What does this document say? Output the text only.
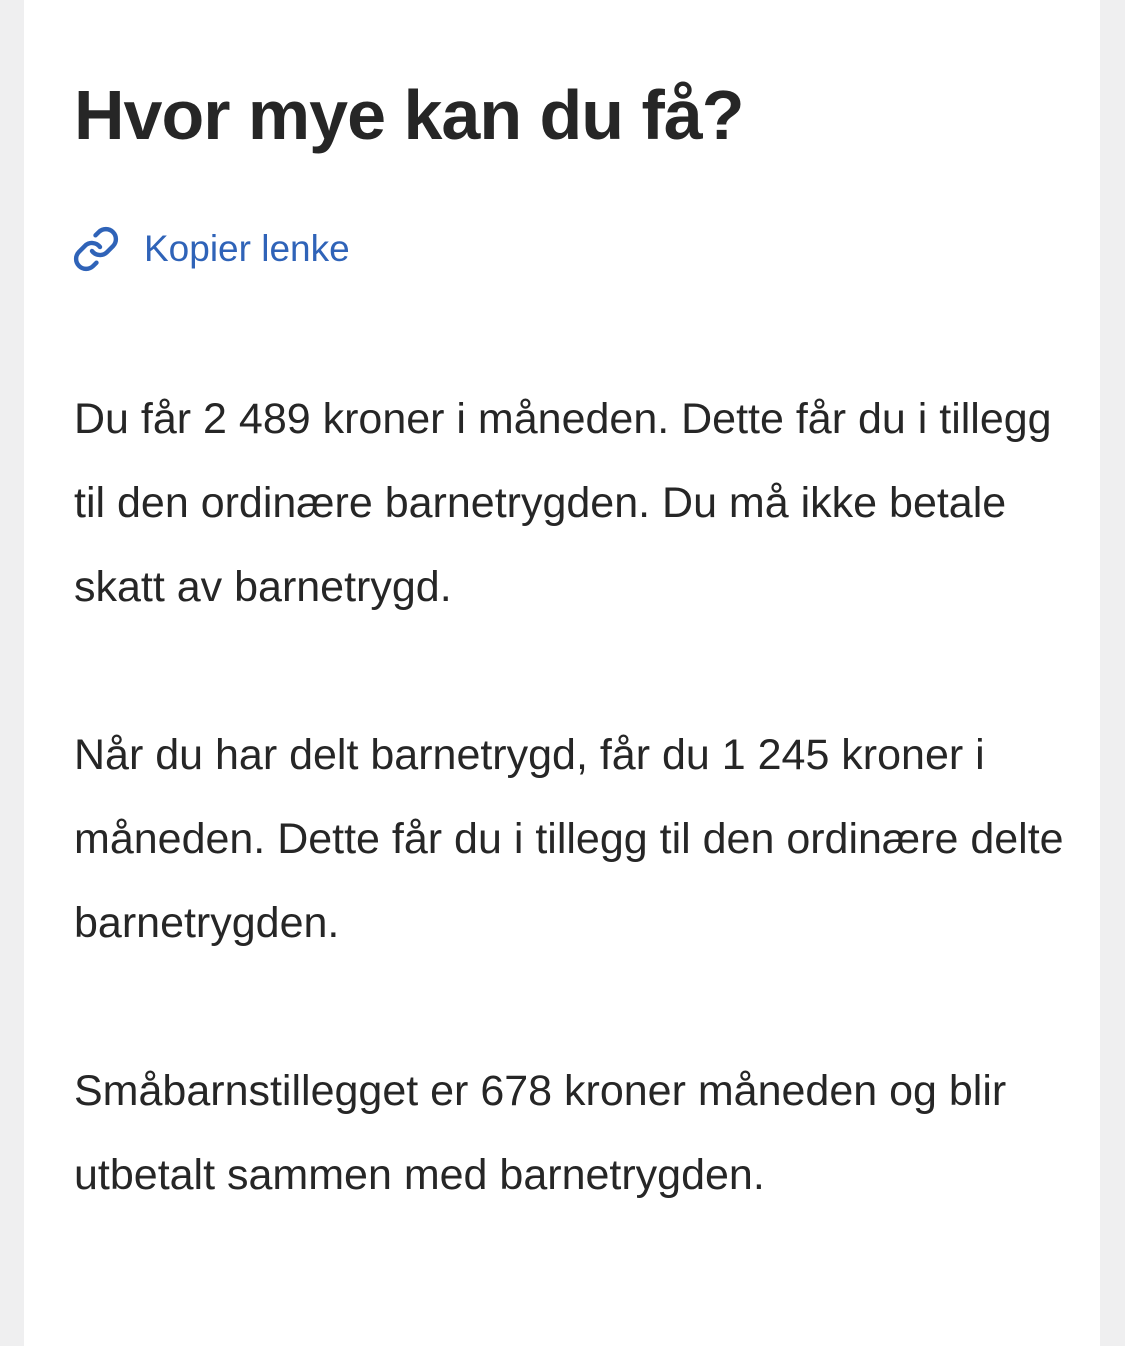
Hvor mye kan du få?
Kopier lenke

Du får 2 489 kroner i måneden. Dette får du i tillegg til den ordinære barnetrygden. Du må ikke betale skatt av barnetrygd.

Når du har delt barnetrygd, får du 1 245 kroner i måneden. Dette får du i tillegg til den ordinære delte barnetrygden.

Småbarnstillegget er 678 kroner måneden og blir utbetalt sammen med barnetrygden.
